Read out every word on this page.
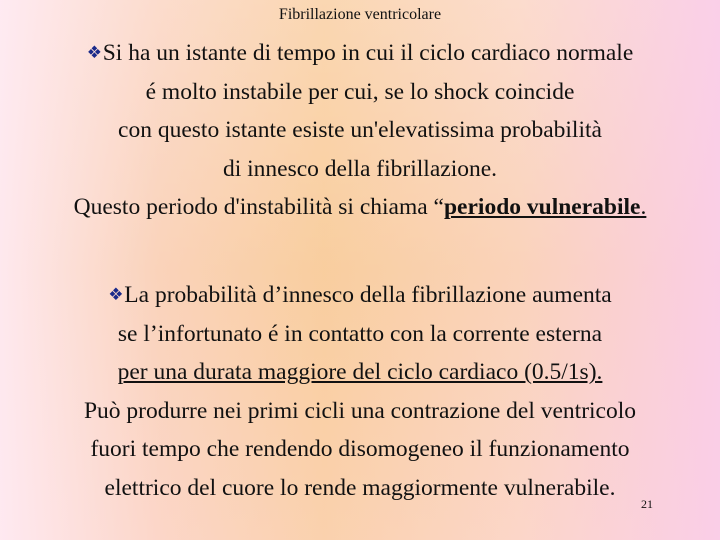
Fibrillazione ventricolare
❖Si ha un istante di tempo in cui il ciclo cardiaco normale
é molto instabile per cui, se lo shock coincide
con questo istante esiste un'elevatissima probabilità
di innesco della fibrillazione.
Questo periodo d'instabilità si chiama “periodo vulnerabile.
❖La probabilità d’innesco della fibrillazione aumenta
se l’infortunato é in contatto con la corrente esterna
per una durata maggiore del ciclo cardiaco (0.5/1s).
Può produrre nei primi cicli una contrazione del ventricolo
fuori tempo che rendendo disomogeneo il funzionamento
elettrico del cuore lo rende maggiormente vulnerabile.
21
